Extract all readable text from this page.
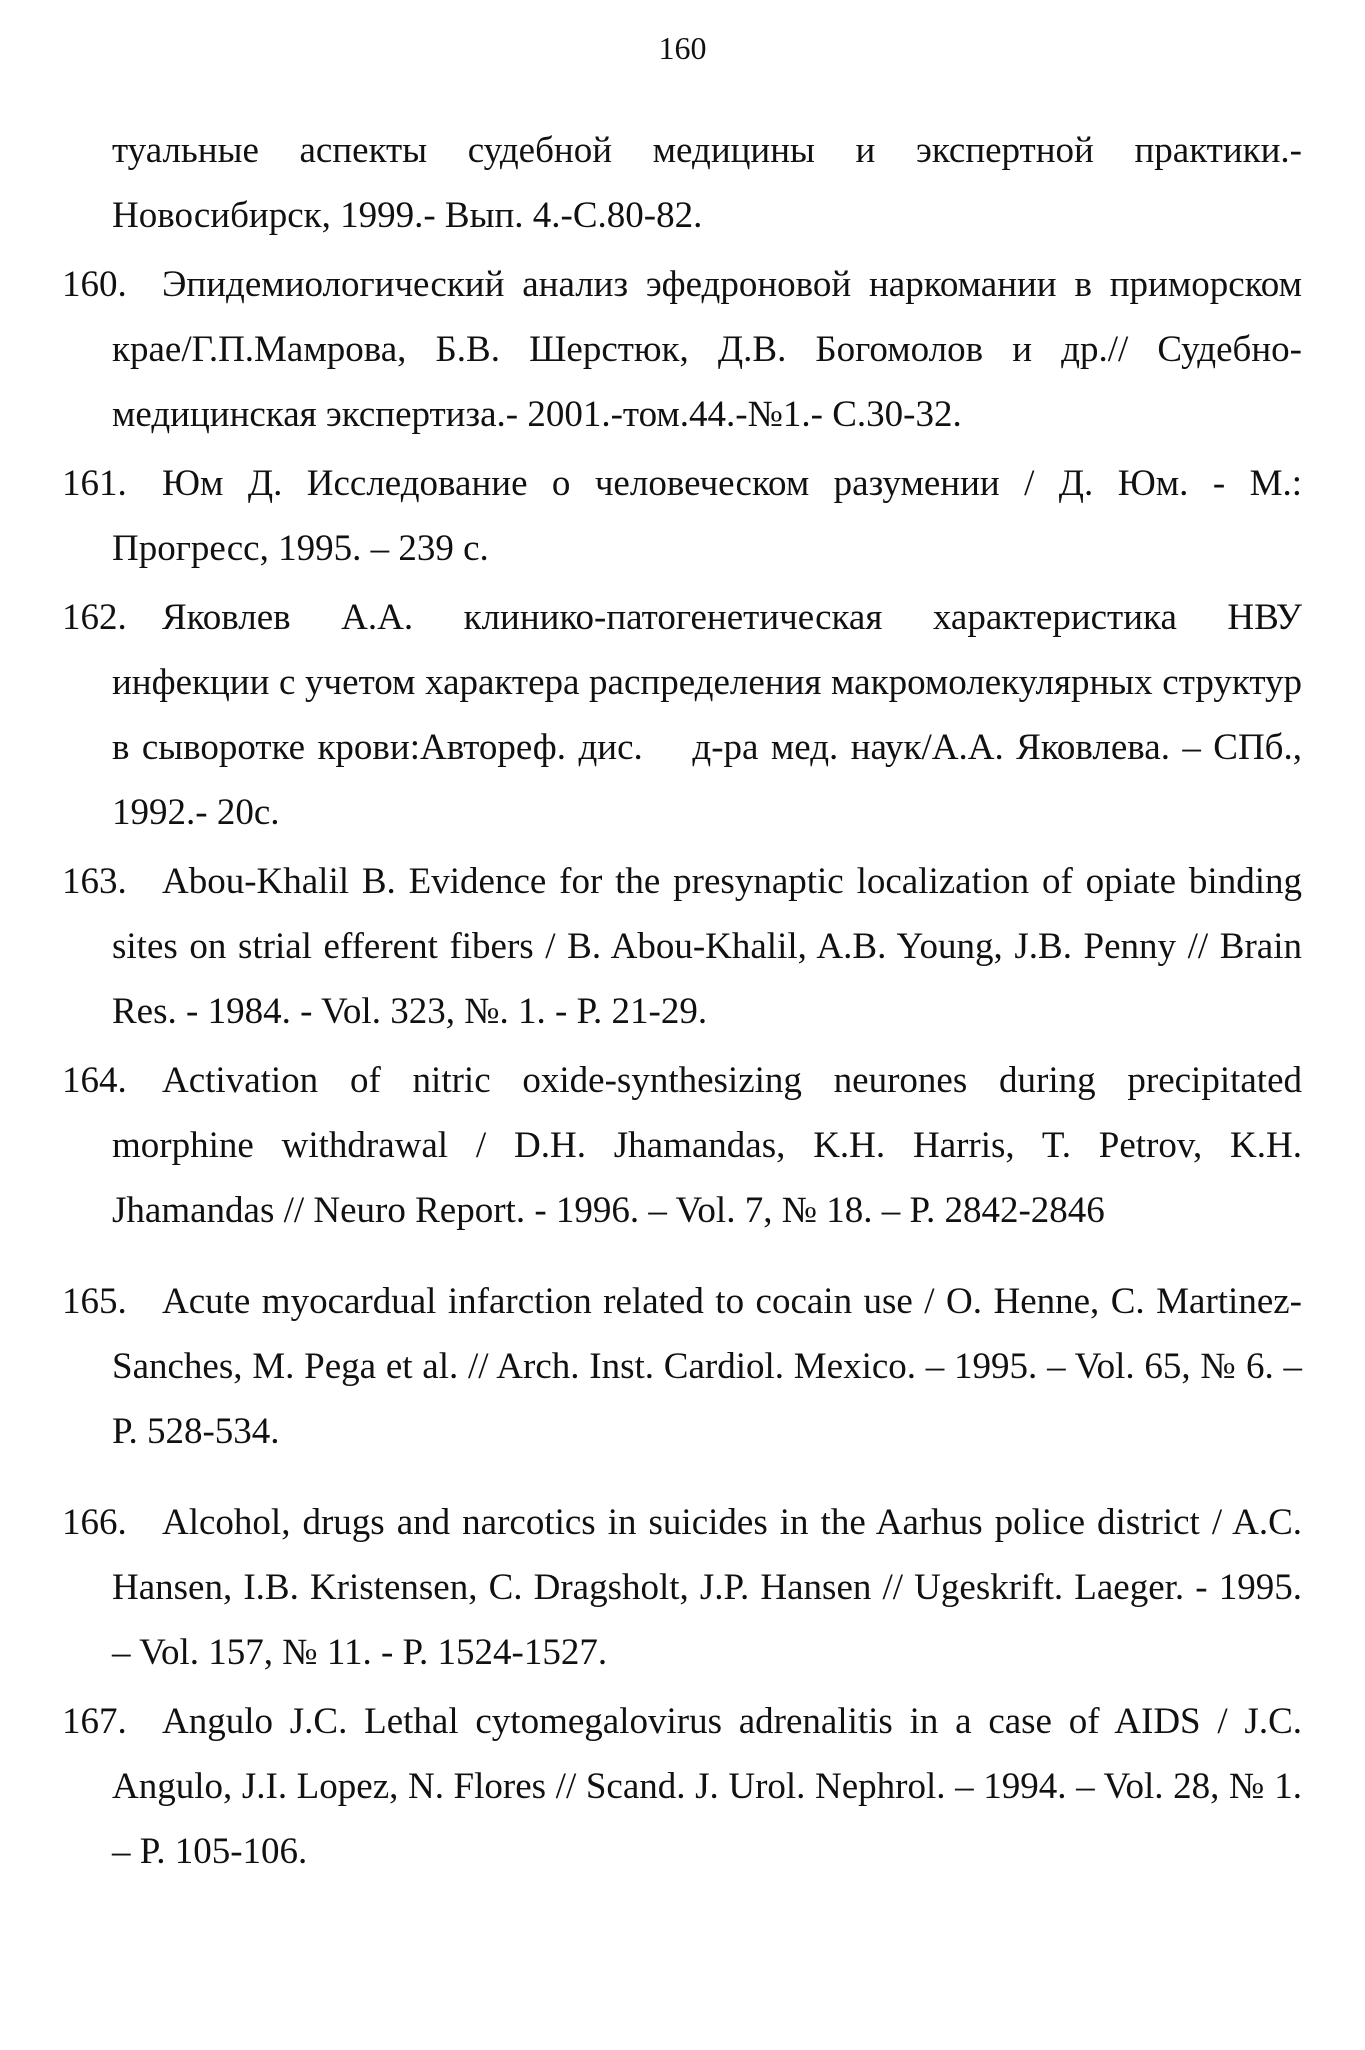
160
туальные аспекты судебной медицины и экспертной практики.- Новосибирск, 1999.- Вып. 4.-С.80-82.
160. Эпидемиологический анализ эфедроновой наркомании в приморском крае/Г.П.Мамрова, Б.В. Шерстюк, Д.В. Богомолов и др.// Судебно-медицинская экспертиза.- 2001.-том.44.-№1.- С.30-32.
161. Юм Д. Исследование о человеческом разумении / Д. Юм. - М.: Прогресс, 1995. – 239 с.
162. Яковлев А.А. клинико-патогенетическая характеристика НВУ инфекции с учетом характера распределения макромолекулярных структур в сыворотке крови:Автореф. дис.    д-ра мед. наук/А.А. Яковлева. – СПб., 1992.- 20с.
163. Abou-Khalil B. Evidence for the presynaptic localization of opiate binding sites on strial efferent fibers / B. Abou-Khalil, A.B. Young, J.B. Penny // Brain Res. - 1984. - Vol. 323, №. 1. - P. 21-29.
164. Activation of nitric oxide-synthesizing neurones during precipitated morphine withdrawal / D.H. Jhamandas, K.H. Harris, T. Petrov, K.H. Jhamandas // Neuro Report. - 1996. – Vol. 7, № 18. – P. 2842-2846
165. Acute myocardual infarction related to cocain use / O. Henne, C. Martinez-Sanches, M. Pega et al. // Arch. Inst. Cardiol. Mexico. – 1995. – Vol. 65, № 6. – P. 528-534.
166. Alcohol, drugs and narcotics in suicides in the Aarhus police district / A.C. Hansen, I.B. Kristensen, C. Dragsholt, J.P. Hansen // Ugeskrift. Laeger. - 1995. – Vol. 157, № 11. - P. 1524-1527.
167. Angulo J.C. Lethal cytomegalovirus adrenalitis in a case of AIDS / J.C. Angulo, J.I. Lopez, N. Flores // Scand. J. Urol. Nephrol. – 1994. – Vol. 28, № 1. – P. 105-106.
